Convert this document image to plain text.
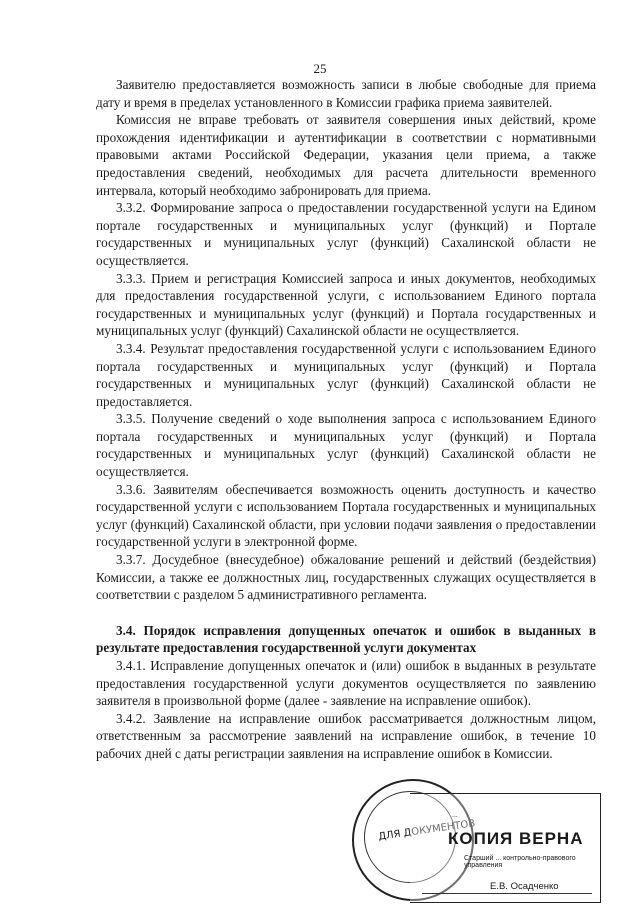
25

Заявителю предоставляется возможность записи в любые свободные для приема дату и время в пределах установленного в Комиссии графика приема заявителей.

Комиссия не вправе требовать от заявителя совершения иных действий, кроме прохождения идентификации и аутентификации в соответствии с нормативными правовыми актами Российской Федерации, указания цели приема, а также предоставления сведений, необходимых для расчета длительности временного интервала, который необходимо забронировать для приема.

3.3.2. Формирование запроса о предоставлении государственной услуги на Едином портале государственных и муниципальных услуг (функций) и Портале государственных и муниципальных услуг (функций) Сахалинской области не осуществляется.

3.3.3. Прием и регистрация Комиссией запроса и иных документов, необходимых для предоставления государственной услуги, с использованием Единого портала государственных и муниципальных услуг (функций) и Портала государственных и муниципальных услуг (функций) Сахалинской области не осуществляется.

3.3.4. Результат предоставления государственной услуги с использованием Единого портала государственных и муниципальных услуг (функций) и Портала государственных и муниципальных услуг (функций) Сахалинской области не предоставляется.

3.3.5. Получение сведений о ходе выполнения запроса с использованием Единого портала государственных и муниципальных услуг (функций) и Портала государственных и муниципальных услуг (функций) Сахалинской области не осуществляется.

3.3.6. Заявителям обеспечивается возможность оценить доступность и качество государственной услуги с использованием Портала государственных и муниципальных услуг (функций) Сахалинской области, при условии подачи заявления о предоставлении государственной услуги в электронной форме.

3.3.7. Досудебное (внесудебное) обжалование решений и действий (бездействия) Комиссии, а также ее должностных лиц, государственных служащих осуществляется в соответствии с разделом 5 административного регламента.

3.4. Порядок исправления допущенных опечаток и ошибок в выданных в результате предоставления государственной услуги документах

3.4.1. Исправление допущенных опечаток и (или) ошибок в выданных в результате предоставления государственной услуги документов осуществляется по заявлению заявителя в произвольной форме (далее - заявление на исправление ошибок).

3.4.2. Заявление на исправление ошибок рассматривается должностным лицом, ответственным за рассмотрение заявлений на исправление ошибок, в течение 10 рабочих дней с даты регистрации заявления на исправление ошибок в Комиссии.

ДЛЯ ДОКУМЕНТОВ
...
КОПИЯ ВЕРНА
Старший ... контрольно-правового управления
Е.В. Осадченко
